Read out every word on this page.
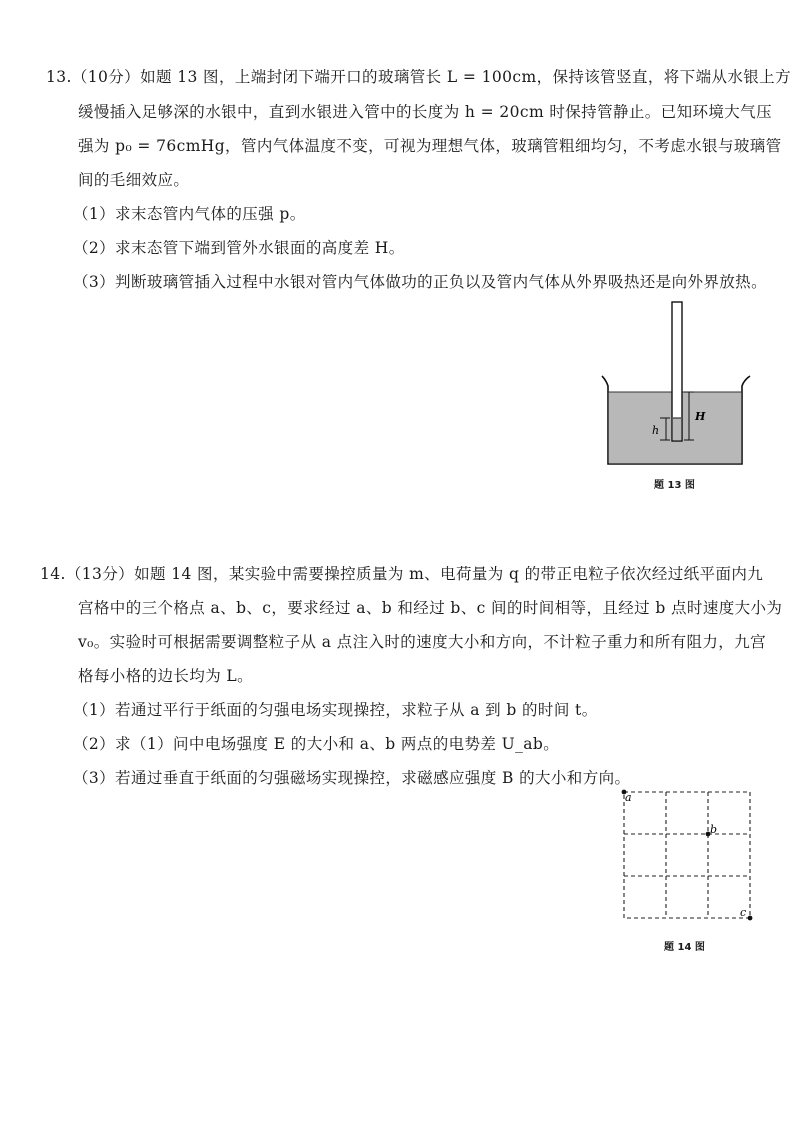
13.（10分）如题 13 图，上端封闭下端开口的玻璃管长 L = 100cm，保持该管竖直，将下端从水银上方
缓慢插入足够深的水银中，直到水银进入管中的长度为 h = 20cm 时保持管静止。已知环境大气压
强为 p₀ = 76cmHg，管内气体温度不变，可视为理想气体，玻璃管粗细均匀，不考虑水银与玻璃管
间的毛细效应。
（1）求末态管内气体的压强 p。
（2）求末态管下端到管外水银面的高度差 H。
（3）判断玻璃管插入过程中水银对管内气体做功的正负以及管内气体从外界吸热还是向外界放热。
h
H
题 13 图
14.（13分）如题 14 图，某实验中需要操控质量为 m、电荷量为 q 的带正电粒子依次经过纸平面内九
宫格中的三个格点 a、b、c，要求经过 a、b 和经过 b、c 间的时间相等，且经过 b 点时速度大小为
v₀。实验时可根据需要调整粒子从 a 点注入时的速度大小和方向，不计粒子重力和所有阻力，九宫
格每小格的边长均为 L。
（1）若通过平行于纸面的匀强电场实现操控，求粒子从 a 到 b 的时间 t。
（2）求（1）问中电场强度 E 的大小和 a、b 两点的电势差 U_ab。
（3）若通过垂直于纸面的匀强磁场实现操控，求磁感应强度 B 的大小和方向。
a
b
c
题 14 图
